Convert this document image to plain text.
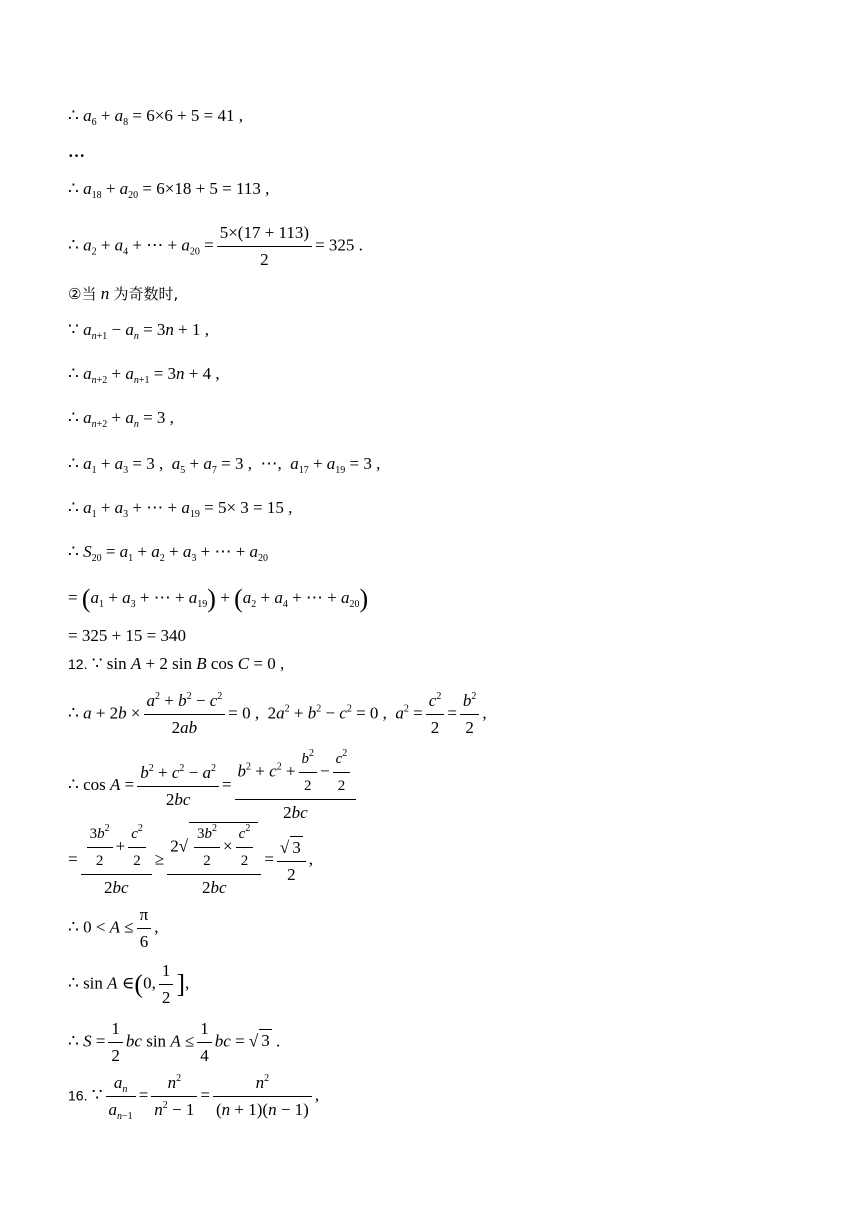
∴ $a_6 + a_8 = 6\times 6 + 5 = 41$ ,
…
∴ $a_{18} + a_{20} = 6\times 18 + 5 = 113$ ,
∴ $a_2 + a_4$ + ⋯ + $a_{20} = \frac{5\times(17 + 113)}{2} = 325$ .
②当 n 为奇数时,
∵ $a_{n+1} - a_n = 3n + 1$ ,
∴ $a_{n+2} + a_{n+1} = 3n + 4$ ,
∴ $a_{n+2} + a_n = 3$ ,
∴ $a_1 + a_3 = 3$ ,  $a_5 + a_7 = 3$ ,  ⋯,  $a_{17} + a_{19} = 3$ ,
∴ $a_1 + a_3$ + ⋯ + $a_{19} = 5\times 3 = 15$ ,
∴ $S_{20} = a_1 + a_2 + a_3$ + ⋯ + $a_{20}$
= ($a_1 + a_3$ + ⋯ + $a_{19}) + (a_2 + a_4$ + ⋯ + $a_{20}$)
= 325 + 15 = 340
12. ∵ sin A + 2 sin B cos C = 0 ,
∴ $a + 2b \times \frac{a^2 + b^2 - c^2}{2ab} = 0$ ,  $2a^2 + b^2 - c^2 = 0$ ,  $a^2 = \frac{c^2}{2} = \frac{b^2}{2}$ ,
∴ $\cos A = \frac{b^2 + c^2 - a^2}{2bc} = \frac{b^2 + c^2 + \frac{b^2}{2} - \frac{c^2}{2}}{2bc}$
= $\frac{\frac{3b^2}{2} + \frac{c^2}{2}}{2bc} \ge \frac{2√ \frac{3b^2}{2} \times \frac{c^2}{2}}{2bc} = \frac{√ 3}{2}$ ,
∴ $0 < A \le \frac{\pi}{6}$ ,
∴ sin A ∈(0, $\frac{1}{2}$ ],
∴ $S = \frac{1}{2}$ bc $\sin A \le \frac{1}{4}$ bc = √ 3 .
16. ∵ $\frac{a_n}{a_{n-1}} = \frac{n^2}{n^2 - 1} = \frac{n^2}{(n + 1)(n - 1)}$ ,
